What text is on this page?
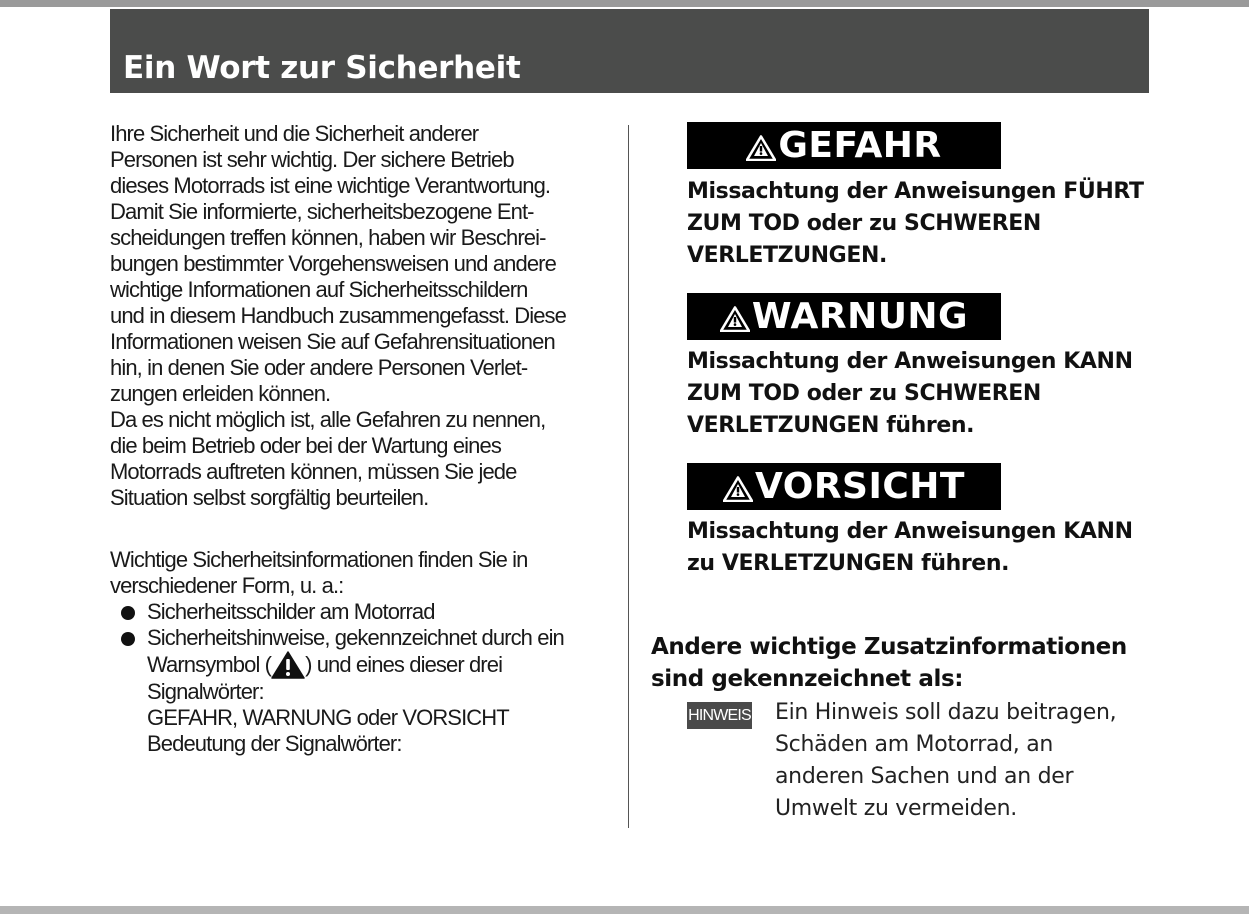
Ein Wort zur Sicherheit

Ihre Sicherheit und die Sicherheit anderer
Personen ist sehr wichtig. Der sichere Betrieb
dieses Motorrads ist eine wichtige Verantwortung.
Damit Sie informierte, sicherheitsbezogene Ent-
scheidungen treffen können, haben wir Beschrei-
bungen bestimmter Vorgehensweisen und andere
wichtige Informationen auf Sicherheitsschildern
und in diesem Handbuch zusammengefasst. Diese
Informationen weisen Sie auf Gefahrensituationen
hin, in denen Sie oder andere Personen Verlet-
zungen erleiden können.

Da es nicht möglich ist, alle Gefahren zu nennen,
die beim Betrieb oder bei der Wartung eines
Motorrads auftreten können, müssen Sie jede
Situation selbst sorgfältig beurteilen.

Wichtige Sicherheitsinformationen finden Sie in
verschiedener Form, u. a.:

Sicherheitsschilder am Motorrad
Sicherheitshinweise, gekennzeichnet durch ein
Warnsymbol ( ) und eines dieser drei
Signalwörter:
GEFAHR, WARNUNG oder VORSICHT
Bedeutung der Signalwörter:
GEFAHR
Missachtung der Anweisungen FÜHRT
ZUM TOD oder zu SCHWEREN
VERLETZUNGEN.
WARNUNG
Missachtung der Anweisungen KANN
ZUM TOD oder zu SCHWEREN
VERLETZUNGEN führen.
VORSICHT
Missachtung der Anweisungen KANN
zu VERLETZUNGEN führen.
Andere wichtige Zusatzinformationen
sind gekennzeichnet als:
HINWEIS Ein Hinweis soll dazu beitragen,
Schäden am Motorrad, an
anderen Sachen und an der
Umwelt zu vermeiden.
